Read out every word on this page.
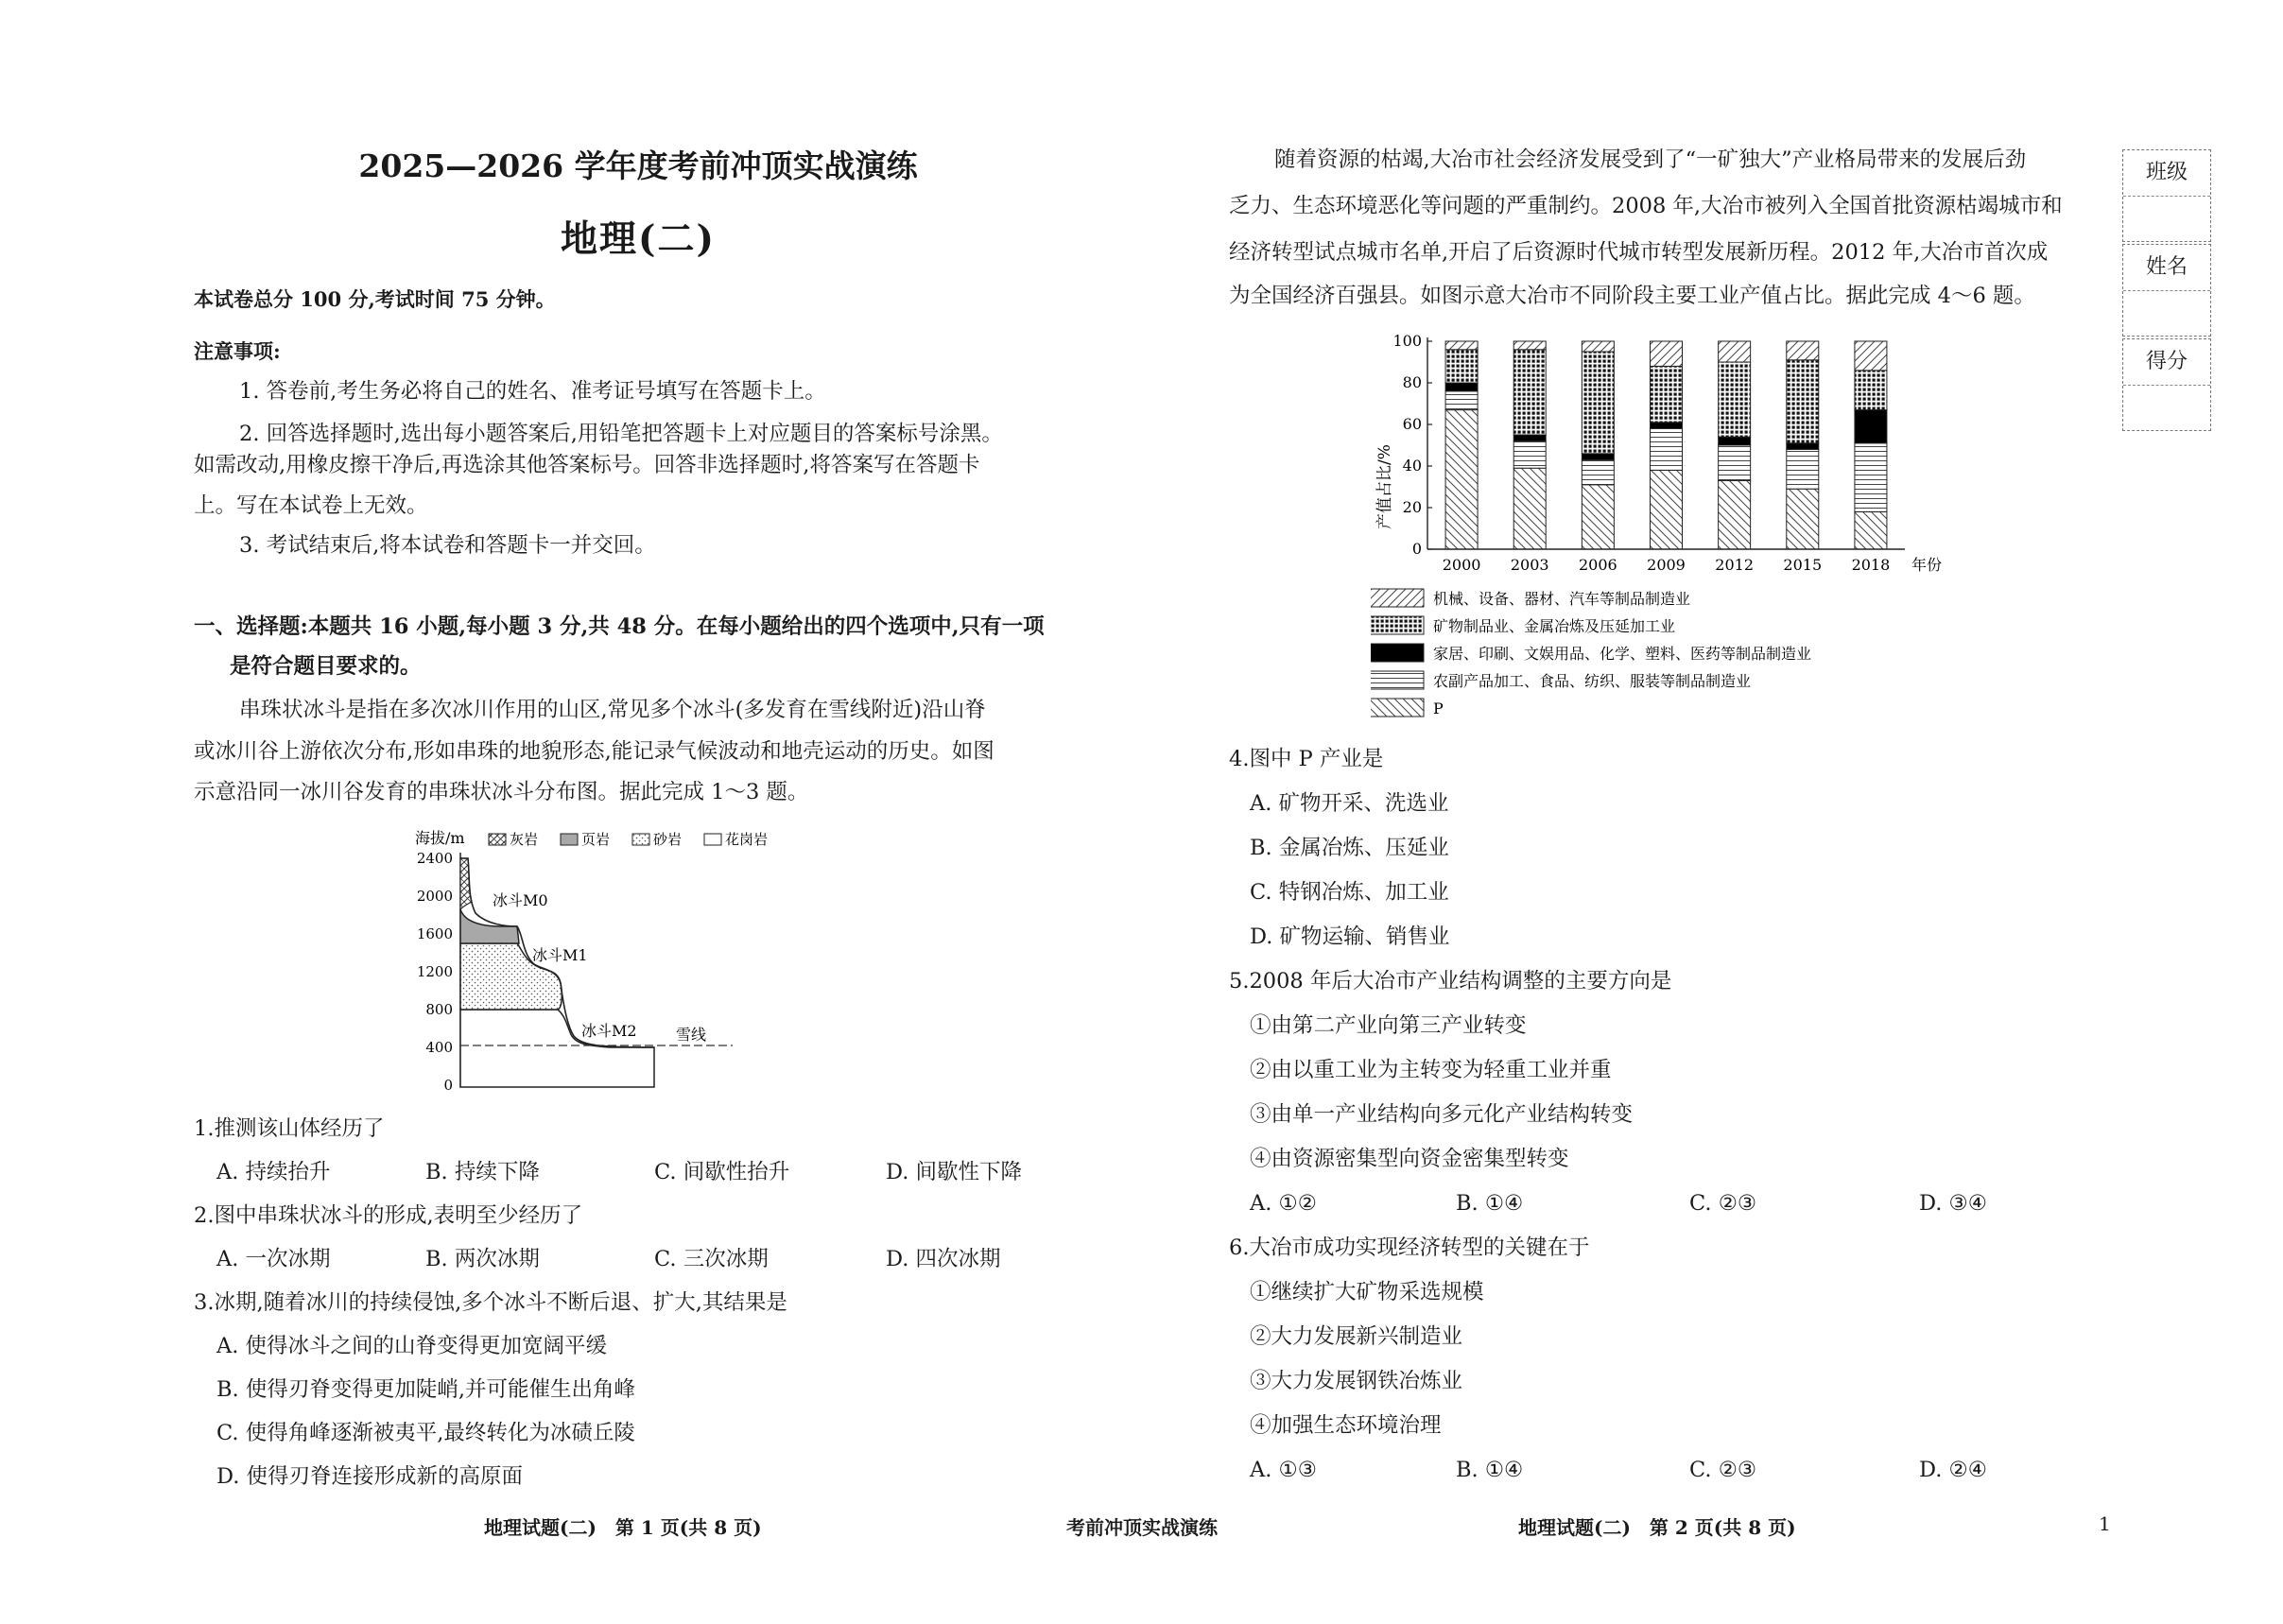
2025—2026 学年度考前冲顶实战演练
地理(二)
本试卷总分 100 分,考试时间 75 分钟。
注意事项:
1. 答卷前,考生务必将自己的姓名、准考证号填写在答题卡上。
2. 回答选择题时,选出每小题答案后,用铅笔把答题卡上对应题目的答案标号涂黑。
如需改动,用橡皮擦干净后,再选涂其他答案标号。回答非选择题时,将答案写在答题卡
上。写在本试卷上无效。
3. 考试结束后,将本试卷和答题卡一并交回。
一、选择题:本题共 16 小题,每小题 3 分,共 48 分。在每小题给出的四个选项中,只有一项
是符合题目要求的。
串珠状冰斗是指在多次冰川作用的山区,常见多个冰斗(多发育在雪线附近)沿山脊
或冰川谷上游依次分布,形如串珠的地貌形态,能记录气候波动和地壳运动的历史。如图
示意沿同一冰川谷发育的串珠状冰斗分布图。据此完成 1～3 题。
海拔/m
2400
2000
1600
1200
800
400
0
冰斗M0
冰斗M1
冰斗M2	雪线
灰岩	页岩	砂岩	花岗岩
1.推测该山体经历了
A. 持续抬升	B. 持续下降	C. 间歇性抬升	D. 间歇性下降
2.图中串珠状冰斗的形成,表明至少经历了
A. 一次冰期	B. 两次冰期	C. 三次冰期	D. 四次冰期
3.冰期,随着冰川的持续侵蚀,多个冰斗不断后退、扩大,其结果是
A. 使得冰斗之间的山脊变得更加宽阔平缓
B. 使得刃脊变得更加陡峭,并可能催生出角峰
C. 使得角峰逐渐被夷平,最终转化为冰碛丘陵
D. 使得刃脊连接形成新的高原面
随着资源的枯竭,大冶市社会经济发展受到了“一矿独大”产业格局带来的发展后劲
乏力、生态环境恶化等问题的严重制约。2008 年,大冶市被列入全国首批资源枯竭城市和
经济转型试点城市名单,开启了后资源时代城市转型发展新历程。2012 年,大冶市首次成
为全国经济百强县。如图示意大冶市不同阶段主要工业产值占比。据此完成 4～6 题。
产值占比/%
0
20
40
60
80
100
2000 2003 2006 2009 2012 2015 2018 年份
机械、设备、器材、汽车等制品制造业
矿物制品业、金属冶炼及压延加工业
家居、印刷、文娱用品、化学、塑料、医药等制品制造业
农副产品加工、食品、纺织、服装等制品制造业
P
4.图中 P 产业是
A. 矿物开采、洗选业
B. 金属冶炼、压延业
C. 特钢冶炼、加工业
D. 矿物运输、销售业
5.2008 年后大冶市产业结构调整的主要方向是
①由第二产业向第三产业转变
②由以重工业为主转变为轻重工业并重
③由单一产业结构向多元化产业结构转变
④由资源密集型向资金密集型转变
A. ①②	B. ①④	C. ②③	D. ③④
6.大冶市成功实现经济转型的关键在于
①继续扩大矿物采选规模
②大力发展新兴制造业
③大力发展钢铁冶炼业
④加强生态环境治理
A. ①③	B. ①④	C. ②③	D. ②④
班级
姓名
得分
地理试题(二)　第 1 页(共 8 页)	考前冲顶实战演练	地理试题(二)　第 2 页(共 8 页)	1
